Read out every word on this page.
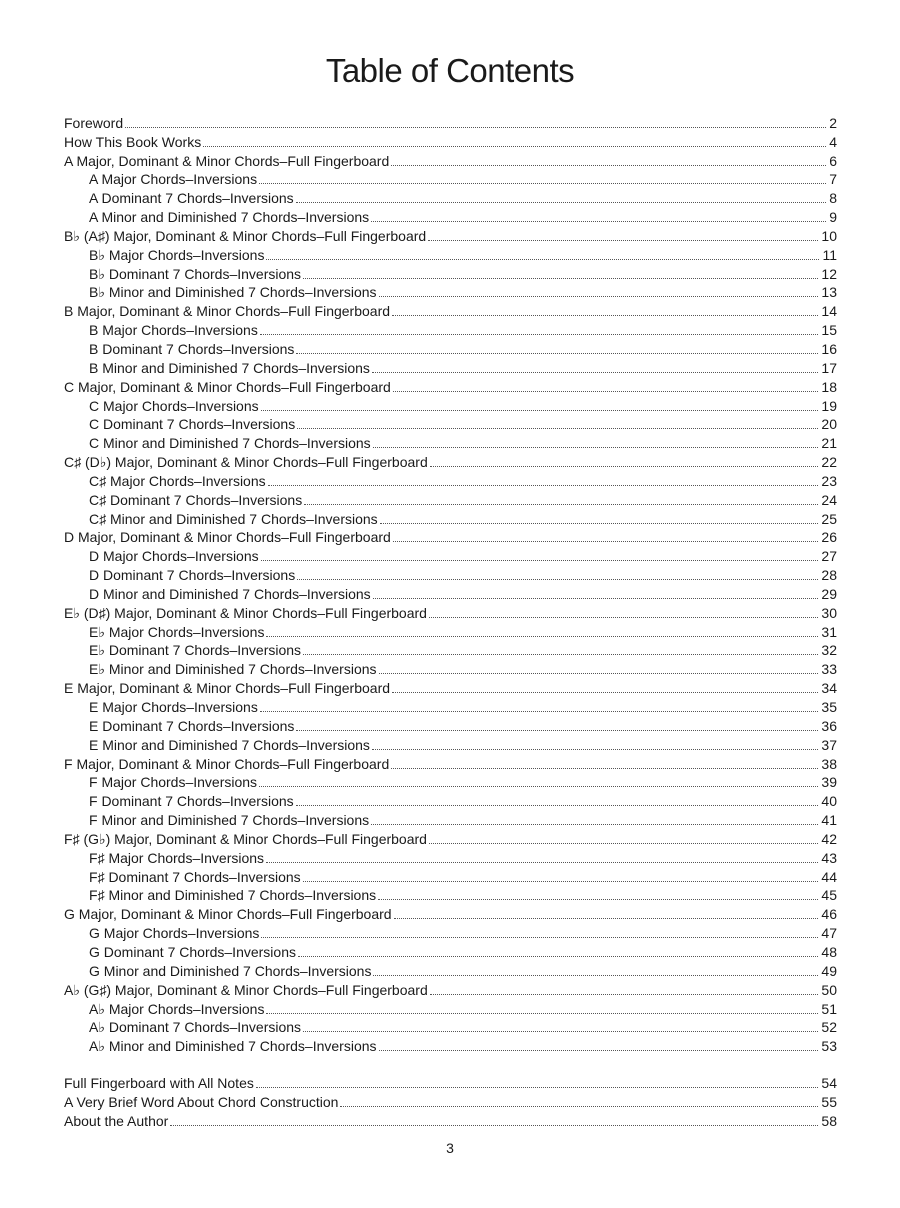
Table of Contents
Foreword	2
How This Book Works	4
A Major, Dominant & Minor Chords–Full Fingerboard	6
A Major Chords–Inversions	7
A Dominant 7 Chords–Inversions	8
A Minor and Diminished 7 Chords–Inversions	9
B♭ (A♯) Major, Dominant & Minor Chords–Full Fingerboard	10
B♭ Major Chords–Inversions	11
B♭ Dominant 7 Chords–Inversions	12
B♭ Minor and Diminished 7 Chords–Inversions	13
B Major, Dominant & Minor Chords–Full Fingerboard	14
B Major Chords–Inversions	15
B Dominant 7 Chords–Inversions	16
B Minor and Diminished 7 Chords–Inversions	17
C Major, Dominant & Minor Chords–Full Fingerboard	18
C Major Chords–Inversions	19
C Dominant 7 Chords–Inversions	20
C Minor and Diminished 7 Chords–Inversions	21
C♯ (D♭) Major, Dominant & Minor Chords–Full Fingerboard	22
C♯ Major Chords–Inversions	23
C♯ Dominant 7 Chords–Inversions	24
C♯ Minor and Diminished 7 Chords–Inversions	25
D Major, Dominant & Minor Chords–Full Fingerboard	26
D Major Chords–Inversions	27
D Dominant 7 Chords–Inversions	28
D Minor and Diminished 7 Chords–Inversions	29
E♭ (D♯) Major, Dominant & Minor Chords–Full Fingerboard	30
E♭ Major Chords–Inversions	31
E♭ Dominant 7 Chords–Inversions	32
E♭ Minor and Diminished 7 Chords–Inversions	33
E Major, Dominant & Minor Chords–Full Fingerboard	34
E Major Chords–Inversions	35
E Dominant 7 Chords–Inversions	36
E Minor and Diminished 7 Chords–Inversions	37
F Major, Dominant & Minor Chords–Full Fingerboard	38
F Major Chords–Inversions	39
F Dominant 7 Chords–Inversions	40
F Minor and Diminished 7 Chords–Inversions	41
F♯ (G♭) Major, Dominant & Minor Chords–Full Fingerboard	42
F♯ Major Chords–Inversions	43
F♯ Dominant 7 Chords–Inversions	44
F♯ Minor and Diminished 7 Chords–Inversions	45
G Major, Dominant & Minor Chords–Full Fingerboard	46
G Major Chords–Inversions	47
G Dominant 7 Chords–Inversions	48
G Minor and Diminished 7 Chords–Inversions	49
A♭ (G♯) Major, Dominant & Minor Chords–Full Fingerboard	50
A♭ Major Chords–Inversions	51
A♭ Dominant 7 Chords–Inversions	52
A♭ Minor and Diminished 7 Chords–Inversions	53
Full Fingerboard with All Notes	54
A Very Brief Word About Chord Construction	55
About the Author	58
3
